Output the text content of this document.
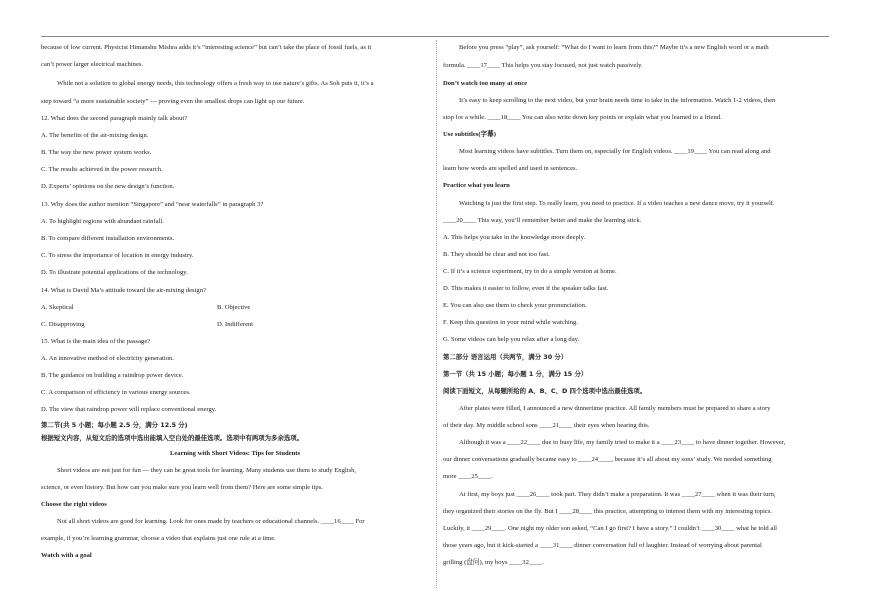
because of low current. Physicist Himanshu Mishra adds it’s “interesting science” but can’t take the place of fossil fuels, as it
can’t power larger electrical machines.
While not a solution to global energy needs, this technology offers a fresh way to use nature’s gifts. As Soh puts it, it’s a
step toward “a more sustainable society” — proving even the smallest drops can light up our future.
12. What does the second paragraph mainly talk about?
A. The benefits of the air-mixing design.
B. The way the new power system works.
C. The results achieved in the power research.
D. Experts’ opinions on the new design’s function.
13. Why does the author mention “Singapore” and “near waterfalls” in paragraph 3?
A. To highlight regions with abundant rainfall.
B. To compare different installation environments.
C. To stress the importance of location in energy industry.
D. To illustrate potential applications of the technology.
14. What is David Ma’s attitude toward the air-mixing design?
A. Skeptical	B. Objective
C. Disapproving	D. Indifferent
15. What is the main idea of the passage?
A. An innovative method of electricity generation.
B. The guidance on building a raindrop power device.
C. A comparison of efficiency in various energy sources.
D. The view that raindrop power will replace conventional energy.
第二节(共 5 小题；每小题 2.5 分，满分 12.5 分)
根据短文内容，从短文后的选项中选出能填入空白处的最佳选项。选项中有两项为多余选项。
Learning with Short Videos: Tips for Students
Short videos are not just for fun — they can be great tools for learning. Many students use them to study English,
science, or even history. But how can you make sure you learn well from them? Here are some simple tips.
Choose the right videos
Not all short videos are good for learning. Look for ones made by teachers or educational channels. ____16____ For
example, if you’re learning grammar, choose a video that explains just one rule at a time.
Watch with a goal
Before you press “play”, ask yourself: “What do I want to learn from this?” Maybe it’s a new English word or a math
formula. ____17____ This helps you stay focused, not just watch passively.
Don’t watch too many at once
It’s easy to keep scrolling to the next video, but your brain needs time to take in the information. Watch 1-2 videos, then
stop for a while. ____18____ You can also write down key points or explain what you learned to a friend.
Use subtitles(字幕)
Most learning videos have subtitles. Turn them on, especially for English videos. ____19____ You can read along and
learn how words are spelled and used in sentences.
Practice what you learn
Watching is just the first step. To really learn, you need to practice. If a video teaches a new dance move, try it yourself.
____20____ This way, you’ll remember better and make the learning stick.
A. This helps you take in the knowledge more deeply.
B. They should be clear and not too fast.
C. If it’s a science experiment, try to do a simple version at home.
D. This makes it easier to follow, even if the speaker talks fast.
E. You can also use them to check your pronunciation.
F. Keep this question in your mind while watching.
G. Some videos can help you relax after a long day.
第二部分 语言运用（共两节，满分 30 分）
第一节（共 15 小题；每小题 1 分，满分 15 分）
阅读下面短文，从每题所给的 A、B、C、D 四个选项中选出最佳选项。
After plates were filled, I announced a new dinnertime practice. All family members must be prepared to share a story
of their day. My middle school sons ____21____ their eyes when hearing this.
Although it was a ____22____ due to busy life, my family tried to make it a ____23____ to have dinner together. However,
our dinner conversations gradually became easy to ____24____, because it’s all about my sons’ study. We needed something
more ____25____.
At first, my boys just ____26____ took part. They didn’t make a preparation. It was ____27____ when it was their turn,
they organized their stories on the fly. But I ____28____ this practice, attempting to interest them with my interesting topics.
Luckily, it ____29____. One night my older son asked, “Can I go first? I have a story.” I couldn’t ____30____ what he told all
those years ago, but it kick-started a ____31____ dinner conversation full of laughter. Instead of worrying about parental
grilling (盘问), my boys ____32____.
